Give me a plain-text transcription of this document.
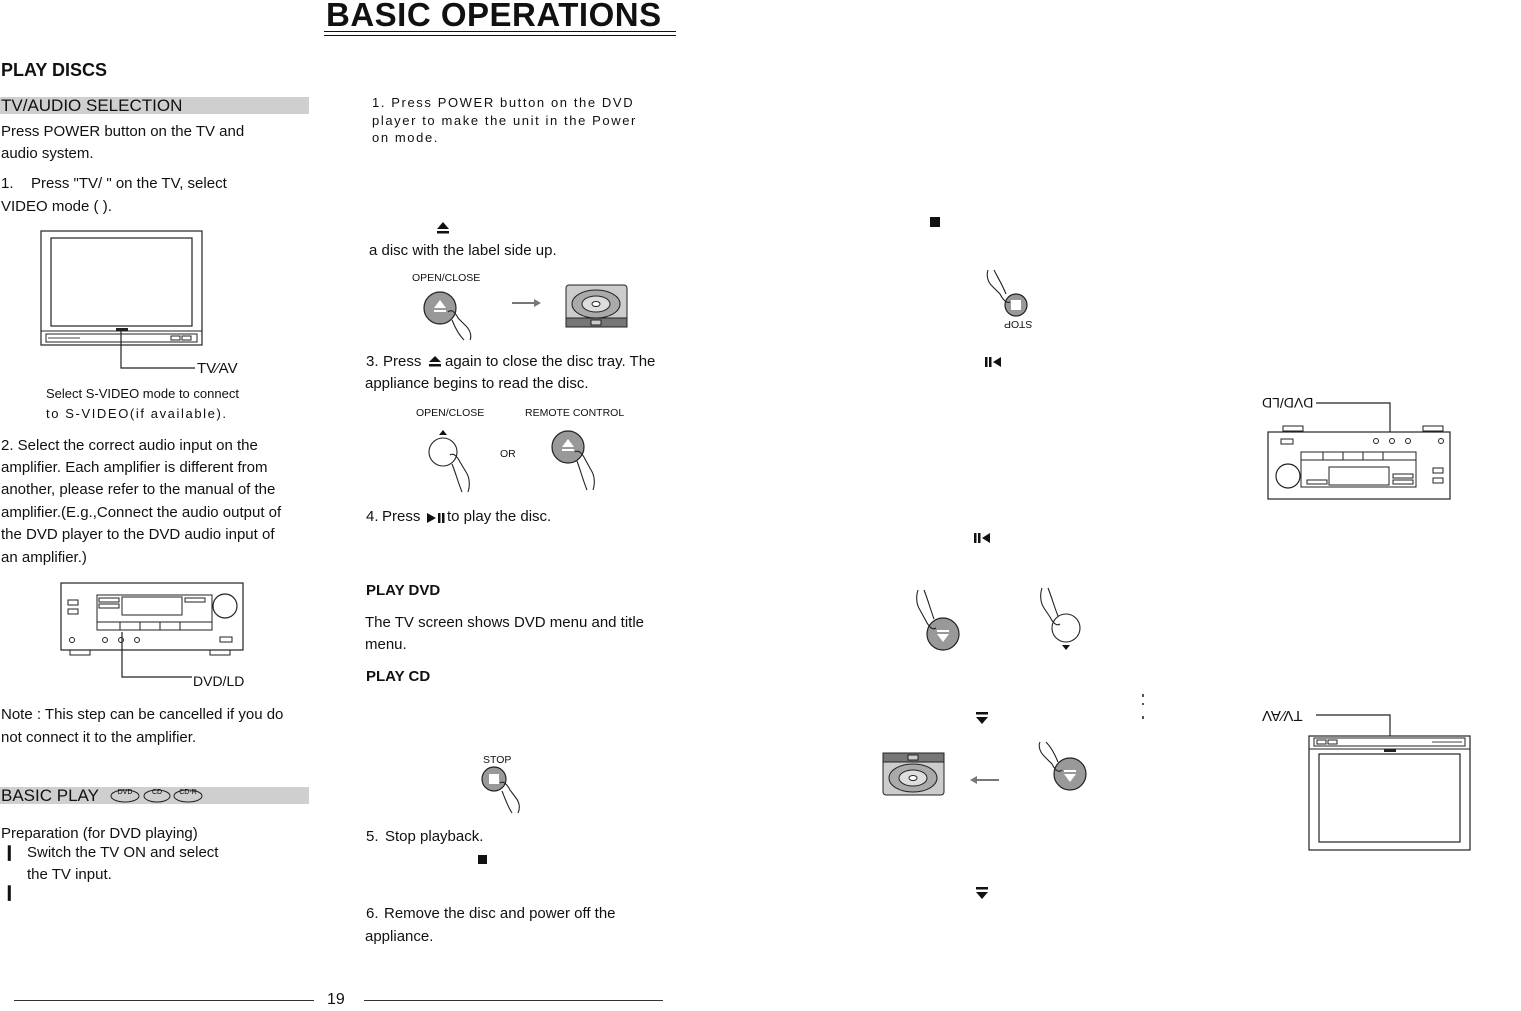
BASIC OPERATIONS
PLAY DISCS
TV/AUDIO SELECTION
Press POWER button on the TV and
audio system.
1. Press "TV/ " on the TV, select
VIDEO mode ( ).
TV⁄AV
Select S-VIDEO mode to connect
to S-VIDEO(if available).
2. Select the correct audio input on the
amplifier. Each amplifier is different from
another, please refer to the manual of the
amplifier.(E.g.,Connect the audio output of
the DVD player to the DVD audio input of
an amplifier.)
DVD/LD
Note : This step can be cancelled if you do
not connect it to the amplifier.
BASIC PLAY	DVD	CD CD-R
Preparation (for DVD playing)
❙ Switch the TV ON and select
the TV input.
❙
1. Press POWER button on the DVD
player to make the unit in the Power
on mode.
a disc with the label side up.
OPEN/CLOSE
3. Press again to close the disc tray. The
appliance begins to read the disc.
OPEN/CLOSE	REMOTE CONTROL
OR
4. Press to play the disc.
PLAY DVD
The TV screen shows DVD menu and title
menu.
PLAY CD
STOP
5. Stop playback.
6. Remove the disc and power off the
appliance.
19
STOP
DVD/LD
TV⁄AV
